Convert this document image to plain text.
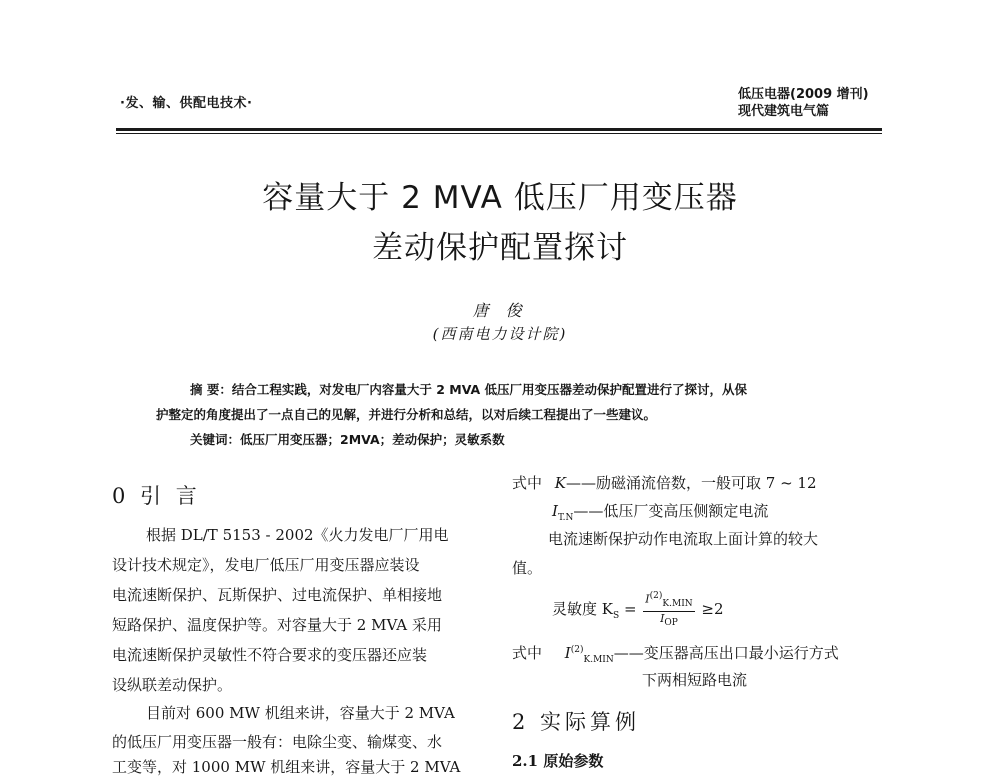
·发、输、供配电技术·
低压电器(2009 增刊)
现代建筑电气篇
容量大于 2 MVA 低压厂用变压器
差动保护配置探讨
唐 俊
(西南电力设计院)
摘 要：结合工程实践，对发电厂内容量大于 2 MVA 低压厂用变压器差动保护配置进行了探讨，从保
护整定的角度提出了一点自己的见解，并进行分析和总结，以对后续工程提出了一些建议。
关键词：低压厂用变压器；2MVA；差动保护；灵敏系数
0 引 言
根据 DL/T 5153 - 2002《火力发电厂厂用电
设计技术规定》，发电厂低压厂用变压器应装设
电流速断保护、瓦斯保护、过电流保护、单相接地
短路保护、温度保护等。对容量大于 2 MVA 采用
电流速断保护灵敏性不符合要求的变压器还应装
设纵联差动保护。
目前对 600 MW 机组来讲，容量大于 2 MVA
的低压厂用变压器一般有：电除尘变、输煤变、水
工变等，对 1000 MW 机组来讲，容量大于 2 MVA
式中 K——励磁涌流倍数，一般可取 7 ~ 12
$I_{T.N}——$低压厂变高压侧额定电流
电流速断保护动作电流取上面计算的较大
值。
灵敏度 $K_S = \frac{I^{(2)}_{K.MIN}}{I_{OP}} \ge 2$
式中 $I^{(2)}_{K.MIN}——$变压器高压出口最小运行方式
下两相短路电流
2 实际算例
2.1 原始参数
